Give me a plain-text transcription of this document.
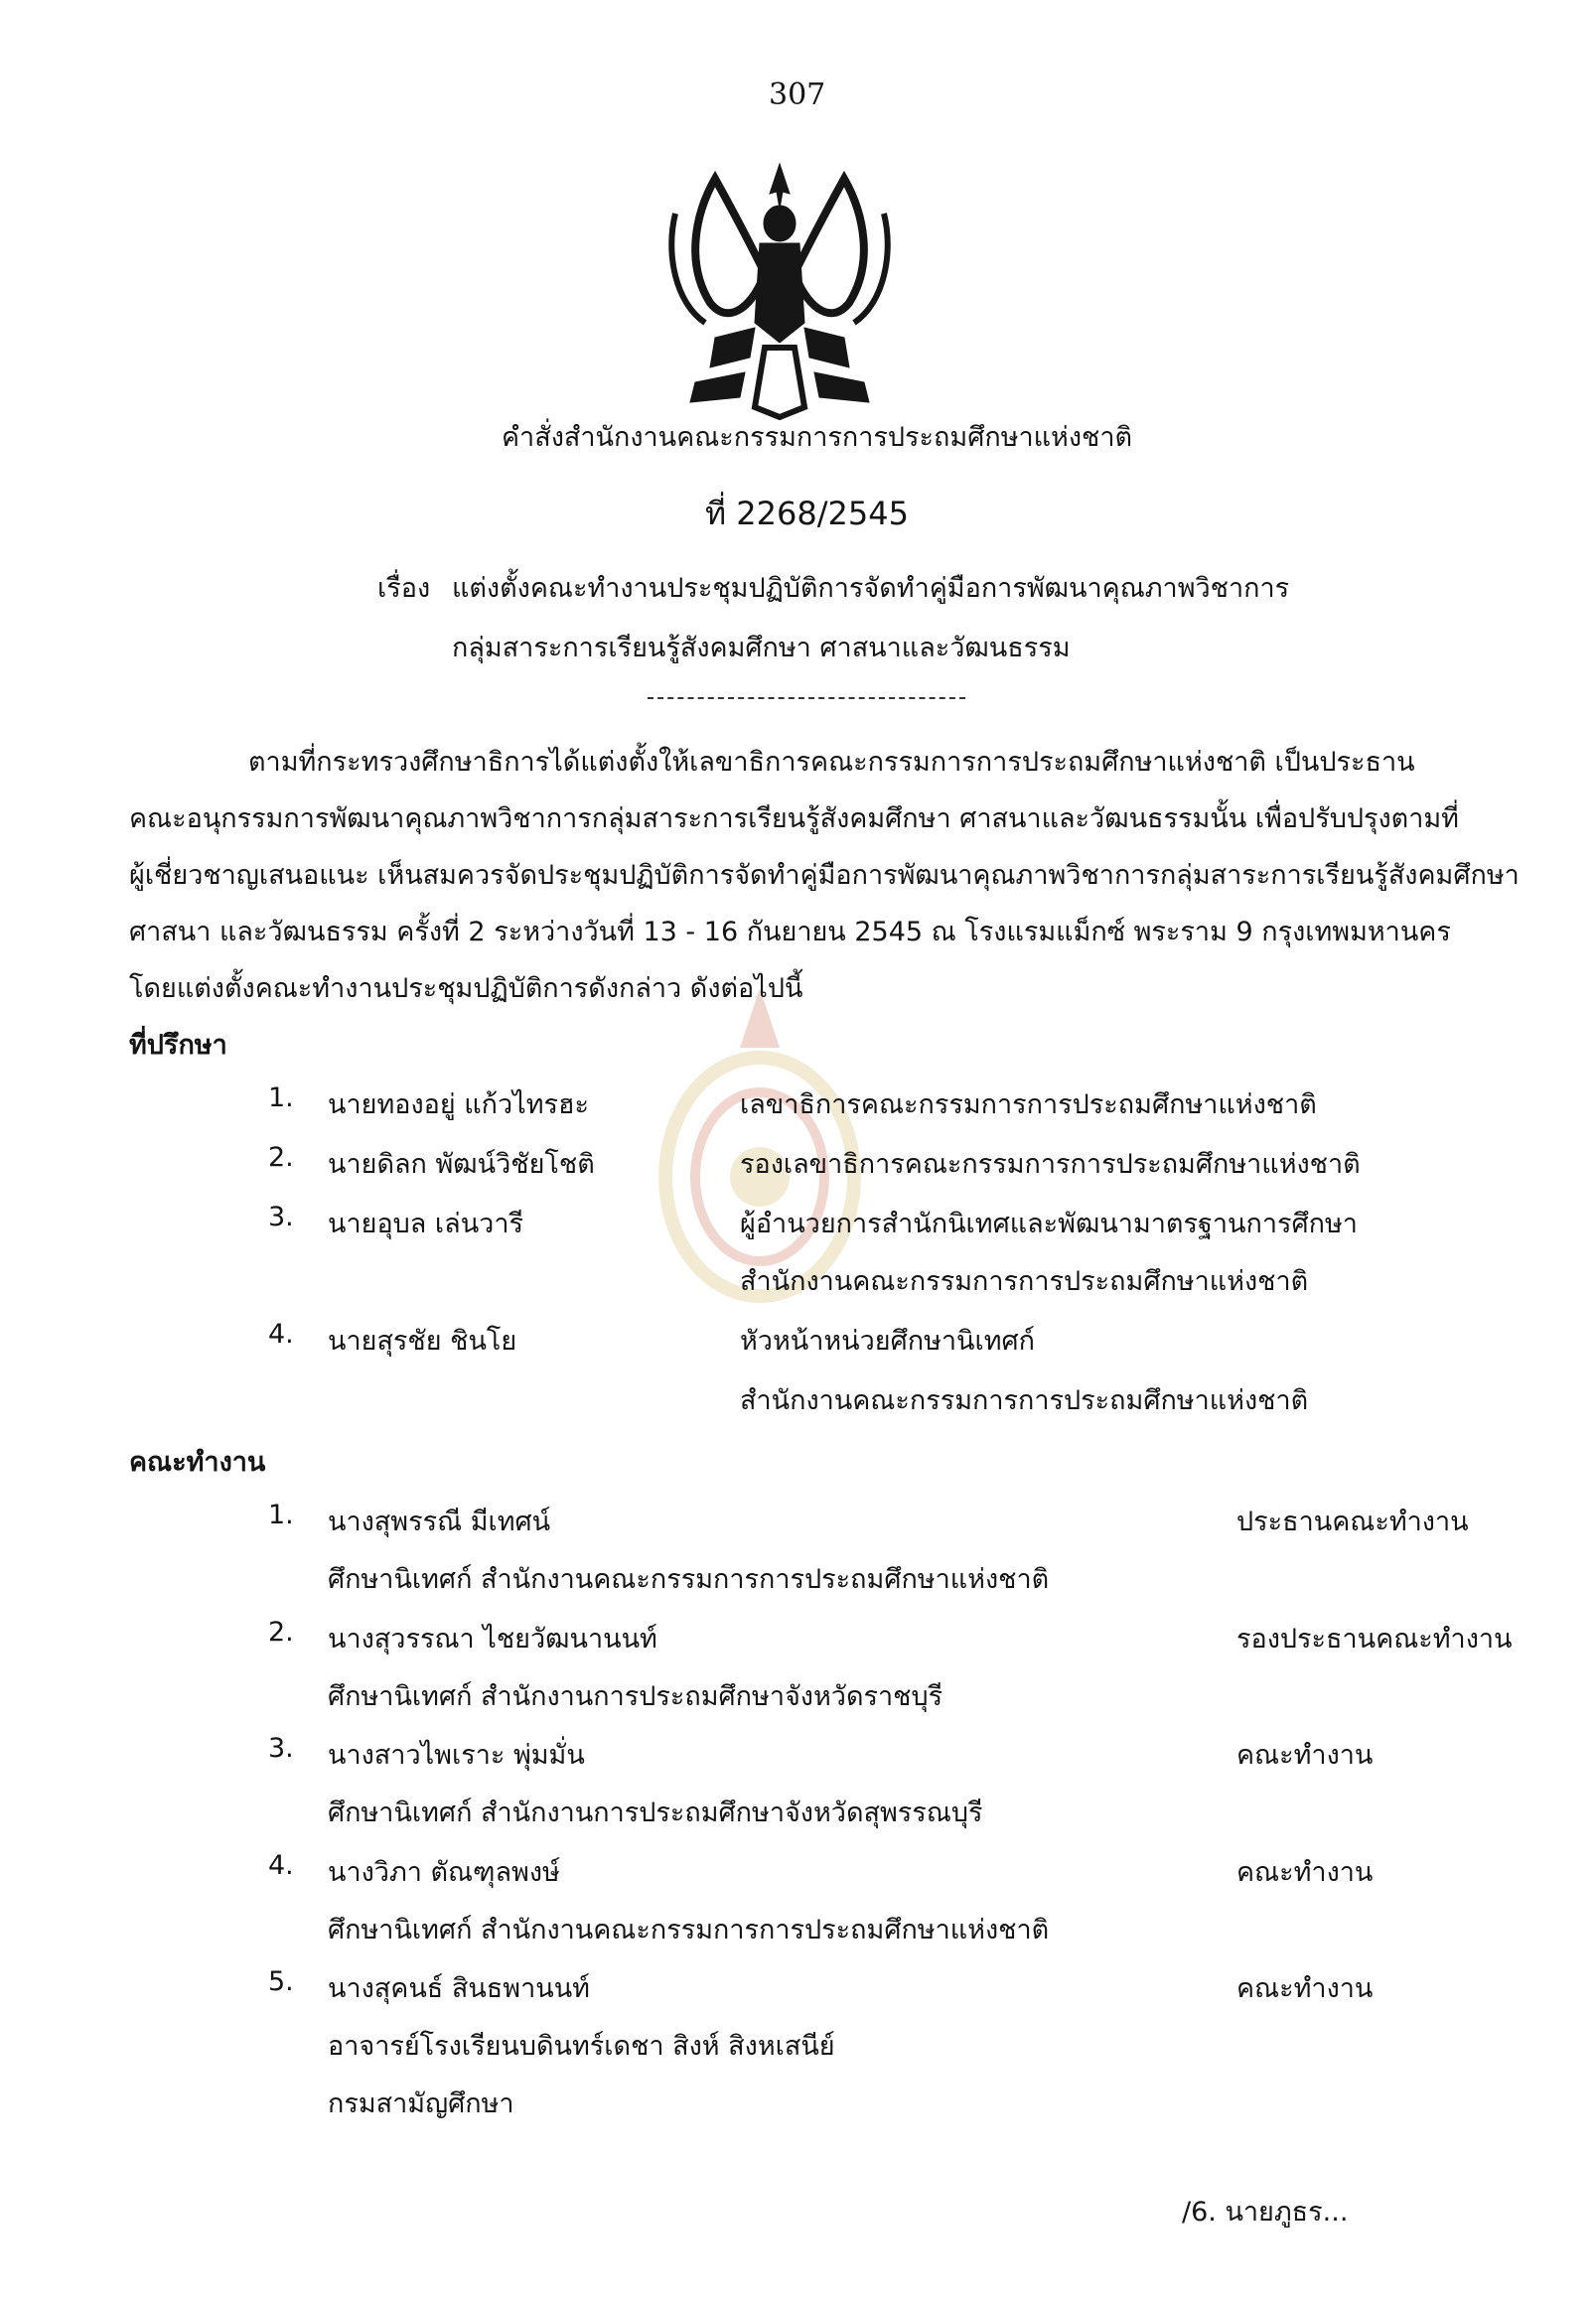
307
คำสั่งสำนักงานคณะกรรมการการประถมศึกษาแห่งชาติ
ที่ 2268/2545
เรื่อง แต่งตั้งคณะทำงานประชุมปฏิบัติการจัดทำคู่มือการพัฒนาคุณภาพวิชาการ
กลุ่มสาระการเรียนรู้สังคมศึกษา ศาสนาและวัฒนธรรม
ตามที่กระทรวงศึกษาธิการได้แต่งตั้งให้เลขาธิการคณะกรรมการการประถมศึกษาแห่งชาติ เป็นประธาน
คณะอนุกรรมการพัฒนาคุณภาพวิชาการกลุ่มสาระการเรียนรู้สังคมศึกษา ศาสนาและวัฒนธรรมนั้น เพื่อปรับปรุงตามที่
ผู้เชี่ยวชาญเสนอแนะ เห็นสมควรจัดประชุมปฏิบัติการจัดทำคู่มือการพัฒนาคุณภาพวิชาการกลุ่มสาระการเรียนรู้สังคมศึกษา
ศาสนา และวัฒนธรรม ครั้งที่ 2 ระหว่างวันที่ 13 - 16 กันยายน 2545 ณ โรงแรมแม็กซ์ พระราม 9 กรุงเทพมหานคร
โดยแต่งตั้งคณะทำงานประชุมปฏิบัติการดังกล่าว ดังต่อไปนี้
ที่ปรึกษา
1. นายทองอยู่ แก้วไทรฮะ	เลขาธิการคณะกรรมการการประถมศึกษาแห่งชาติ
2. นายดิลก พัฒน์วิชัยโชติ	รองเลขาธิการคณะกรรมการการประถมศึกษาแห่งชาติ
3. นายอุบล เล่นวารี	ผู้อำนวยการสำนักนิเทศและพัฒนามาตรฐานการศึกษา
สำนักงานคณะกรรมการการประถมศึกษาแห่งชาติ
4. นายสุรชัย ชินโย	หัวหน้าหน่วยศึกษานิเทศก์
สำนักงานคณะกรรมการการประถมศึกษาแห่งชาติ
คณะทำงาน
1. นางสุพรรณี มีเทศน์	ประธานคณะทำงาน
ศึกษานิเทศก์ สำนักงานคณะกรรมการการประถมศึกษาแห่งชาติ
2. นางสุวรรณา ไชยวัฒนานนท์	รองประธานคณะทำงาน
ศึกษานิเทศก์ สำนักงานการประถมศึกษาจังหวัดราชบุรี
3. นางสาวไพเราะ พุ่มมั่น	คณะทำงาน
ศึกษานิเทศก์ สำนักงานการประถมศึกษาจังหวัดสุพรรณบุรี
4. นางวิภา ตัณฑุลพงษ์	คณะทำงาน
ศึกษานิเทศก์ สำนักงานคณะกรรมการการประถมศึกษาแห่งชาติ
5. นางสุคนธ์ สินธพานนท์	คณะทำงาน
อาจารย์โรงเรียนบดินทร์เดชา สิงห์ สิงหเสนีย์
กรมสามัญศึกษา
/6. นายภูธร...
